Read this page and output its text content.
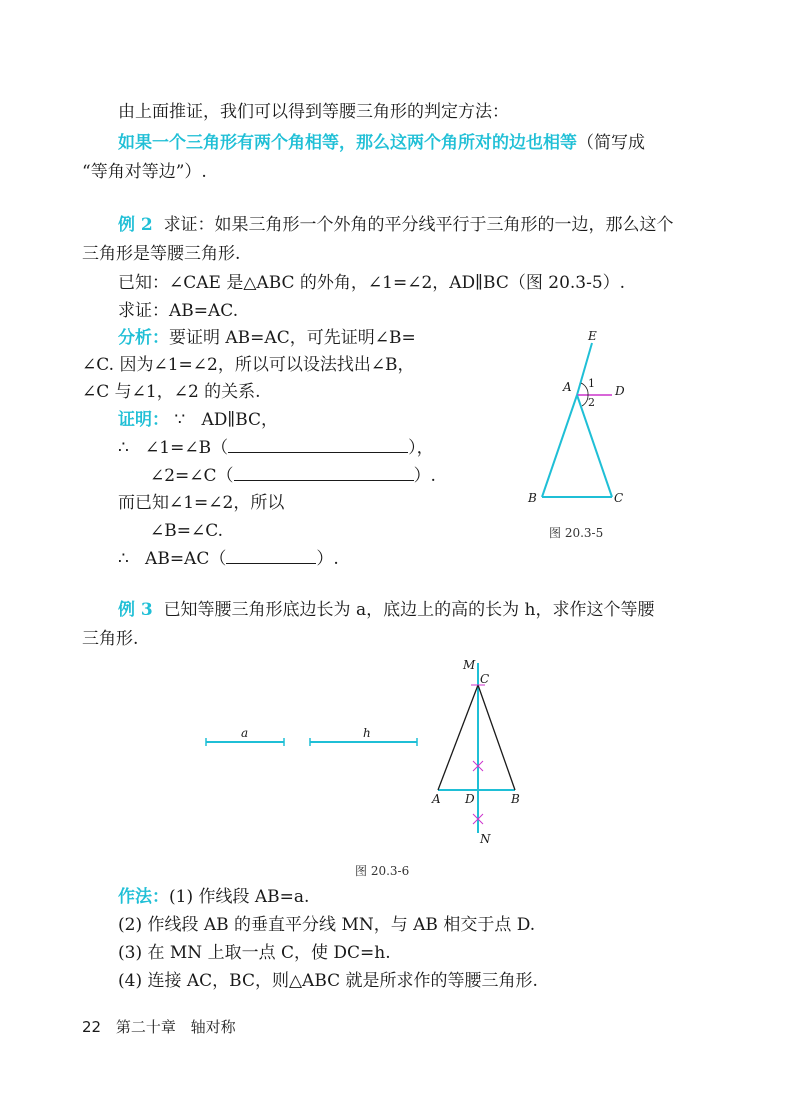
由上面推证，我们可以得到等腰三角形的判定方法：
如果一个三角形有两个角相等，那么这两个角所对的边也相等（简写成
“等角对等边”）.
例 2 求证：如果三角形一个外角的平分线平行于三角形的一边，那么这个
三角形是等腰三角形.
已知：∠CAE 是△ABC 的外角，∠1=∠2，AD∥BC（图 20.3-5）.
求证：AB=AC.
分析：要证明 AB=AC，可先证明∠B=
∠C. 因为∠1=∠2，所以可以设法找出∠B，
∠C 与∠1，∠2 的关系.
证明： ∵ AD∥BC，
∴ ∠1=∠B（	），
∠2=∠C（	）.
而已知∠1=∠2，所以
∠B=∠C.
∴ AB=AC（	）.
E
A	D
1
2
B	C
图 20.3-5
例 3 已知等腰三角形底边长为 a，底边上的高的长为 h，求作这个等腰
三角形.
a	h
M
C
A D	B
N
图 20.3-6
作法：(1) 作线段 AB=a.
(2) 作线段 AB 的垂直平分线 MN，与 AB 相交于点 D.
(3) 在 MN 上取一点 C，使 DC=h.
(4) 连接 AC，BC，则△ABC 就是所求作的等腰三角形.
22 第二十章 轴对称
